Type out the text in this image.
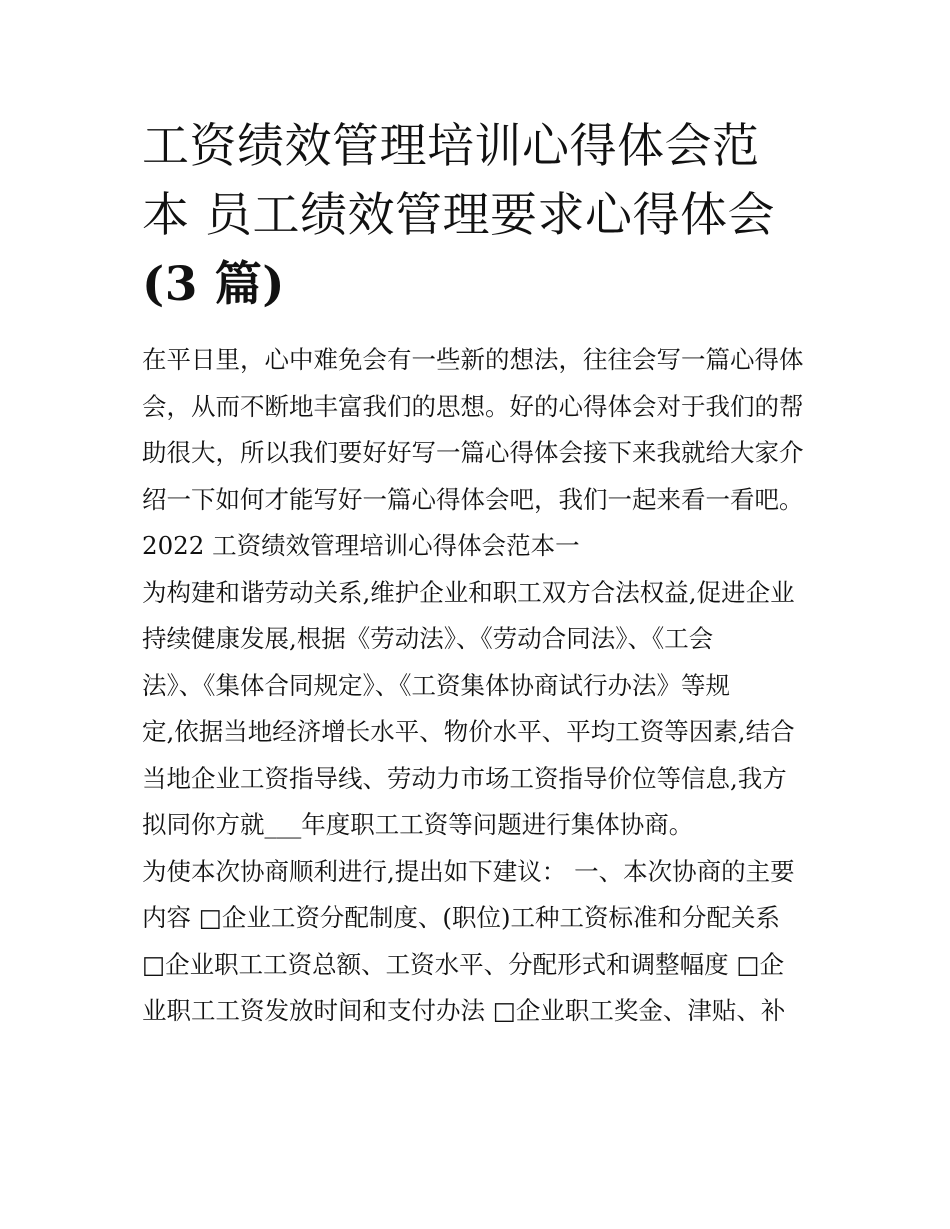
工资绩效管理培训心得体会范
本 员工绩效管理要求心得体会
(3 篇)

在平日里，心中难免会有一些新的想法，往往会写一篇心得体
会，从而不断地丰富我们的思想。好的心得体会对于我们的帮
助很大，所以我们要好好写一篇心得体会接下来我就给大家介
绍一下如何才能写好一篇心得体会吧，我们一起来看一看吧。

2022 工资绩效管理培训心得体会范本一

为构建和谐劳动关系,维护企业和职工双方合法权益,促进企业
持续健康发展,根据《劳动法》、《劳动合同法》、《工会
法》、《集体合同规定》、《工资集体协商试行办法》等规
定,依据当地经济增长水平、物价水平、平均工资等因素,结合
当地企业工资指导线、劳动力市场工资指导价位等信息,我方
拟同你方就___年度职工工资等问题进行集体协商。

为使本次协商顺利进行,提出如下建议： 一、本次协商的主要
内容 □企业工资分配制度、(职位)工种工资标准和分配关系
□企业职工工资总额、工资水平、分配形式和调整幅度 □企
业职工工资发放时间和支付办法 □企业职工奖金、津贴、补
